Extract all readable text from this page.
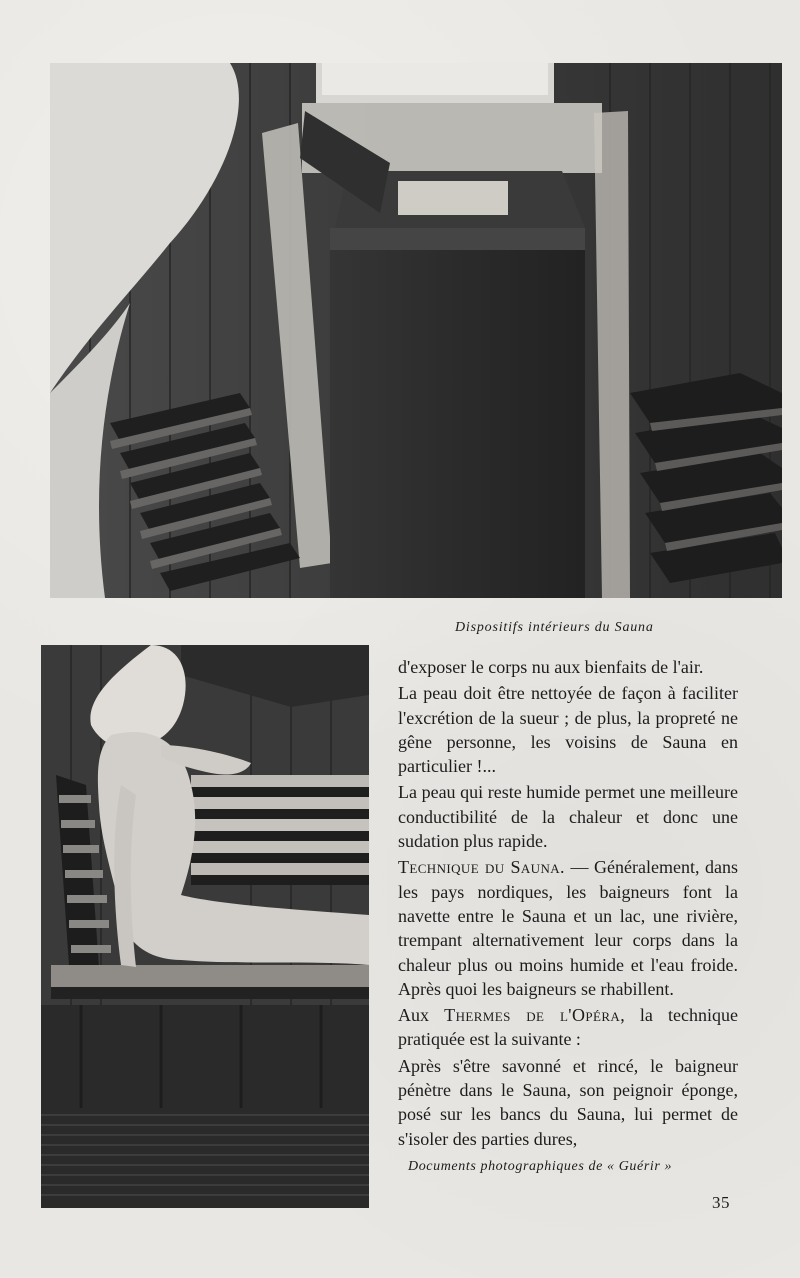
Dispositifs intérieurs du Sauna

d'exposer le corps nu aux bienfaits de l'air.

La peau doit être nettoyée de façon à faciliter l'excrétion de la sueur ; de plus, la propreté ne gêne personne, les voisins de Sauna en particulier !...

La peau qui reste humide permet une meilleure conductibilité de la chaleur et donc une sudation plus rapide.

Technique du Sauna. — Généralement, dans les pays nordiques, les baigneurs font la navette entre le Sauna et un lac, une rivière, trempant alternativement leur corps dans la chaleur plus ou moins humide et l'eau froide. Après quoi les baigneurs se rhabillent.

Aux Thermes de l'Opéra, la technique pratiquée est la suivante :

Après s'être savonné et rincé, le baigneur pénètre dans le Sauna, son peignoir éponge, posé sur les bancs du Sauna, lui permet de s'isoler des parties dures,

Documents photographiques de « Guérir »
35
